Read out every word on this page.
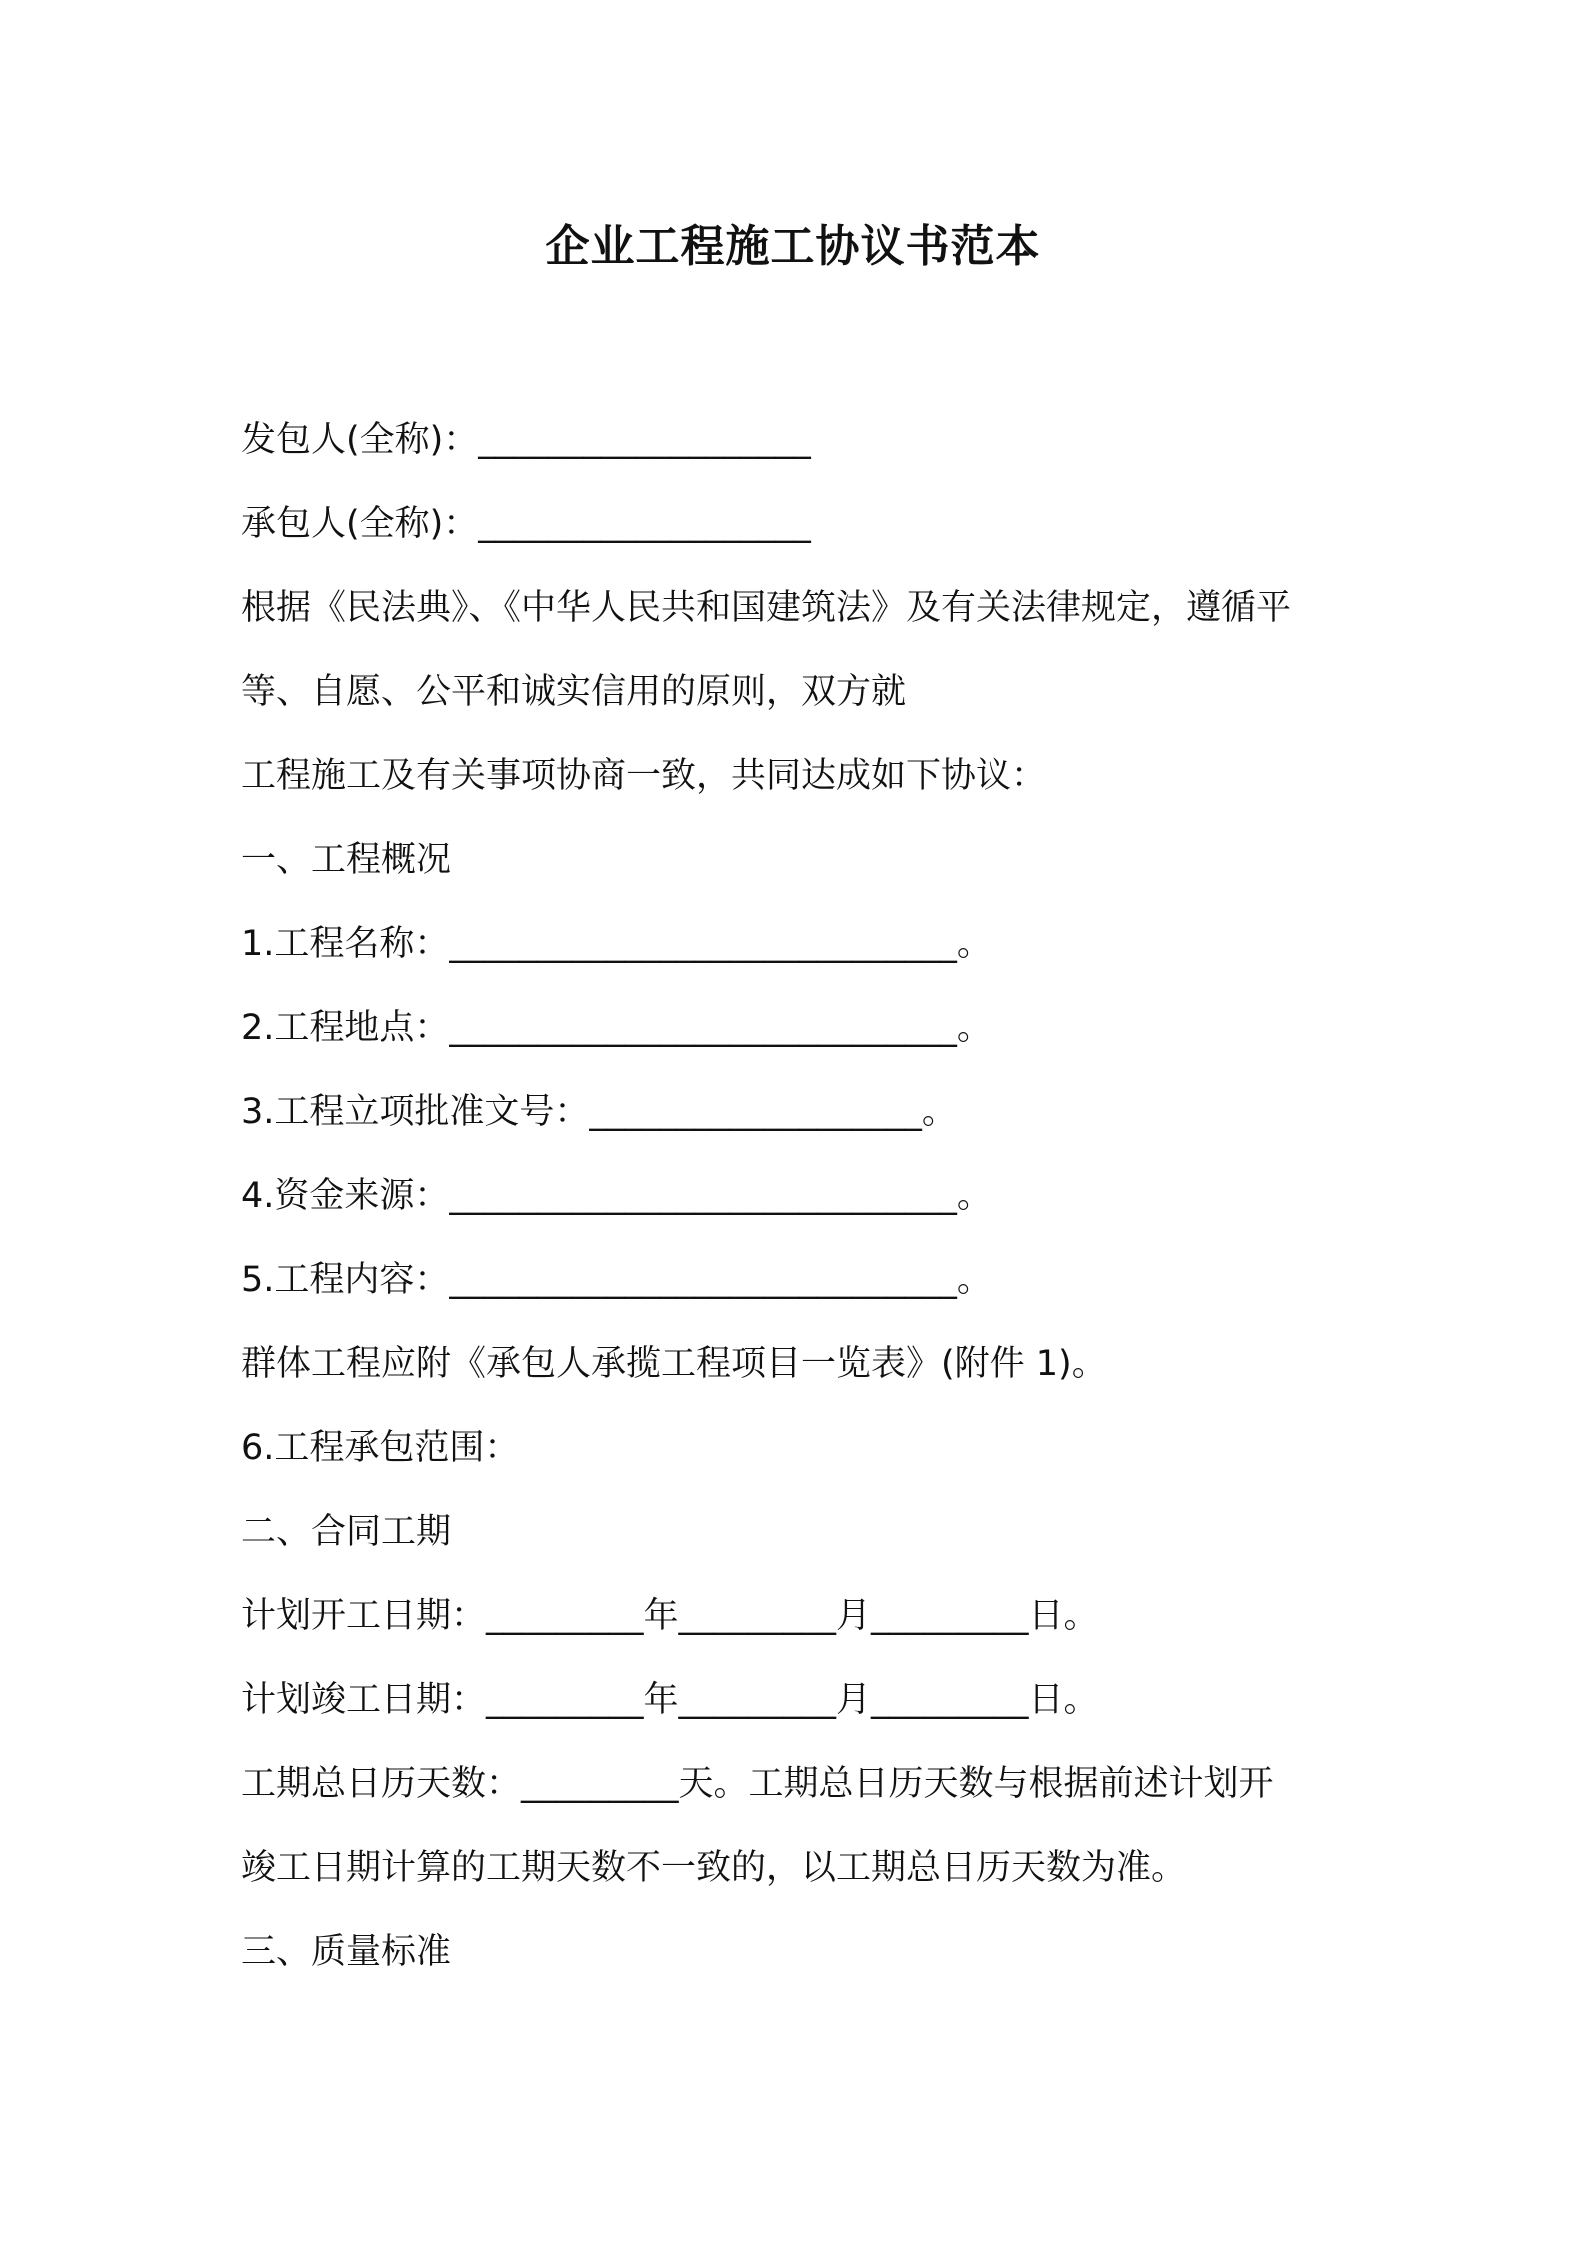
企业工程施工协议书范本

发包人(全称)：___________________

承包人(全称)：___________________

根据《民法典》、《中华人民共和国建筑法》及有关法律规定，遵循平

等、自愿、公平和诚实信用的原则，双方就

工程施工及有关事项协商一致，共同达成如下协议：

一、工程概况

1.工程名称：_____________________________。

2.工程地点：_____________________________。

3.工程立项批准文号：___________________。

4.资金来源：_____________________________。

5.工程内容：_____________________________。

群体工程应附《承包人承揽工程项目一览表》(附件 1)。

6.工程承包范围：

二、合同工期

计划开工日期：_________年_________月_________日。

计划竣工日期：_________年_________月_________日。

工期总日历天数：_________天。工期总日历天数与根据前述计划开

竣工日期计算的工期天数不一致的，以工期总日历天数为准。

三、质量标准
